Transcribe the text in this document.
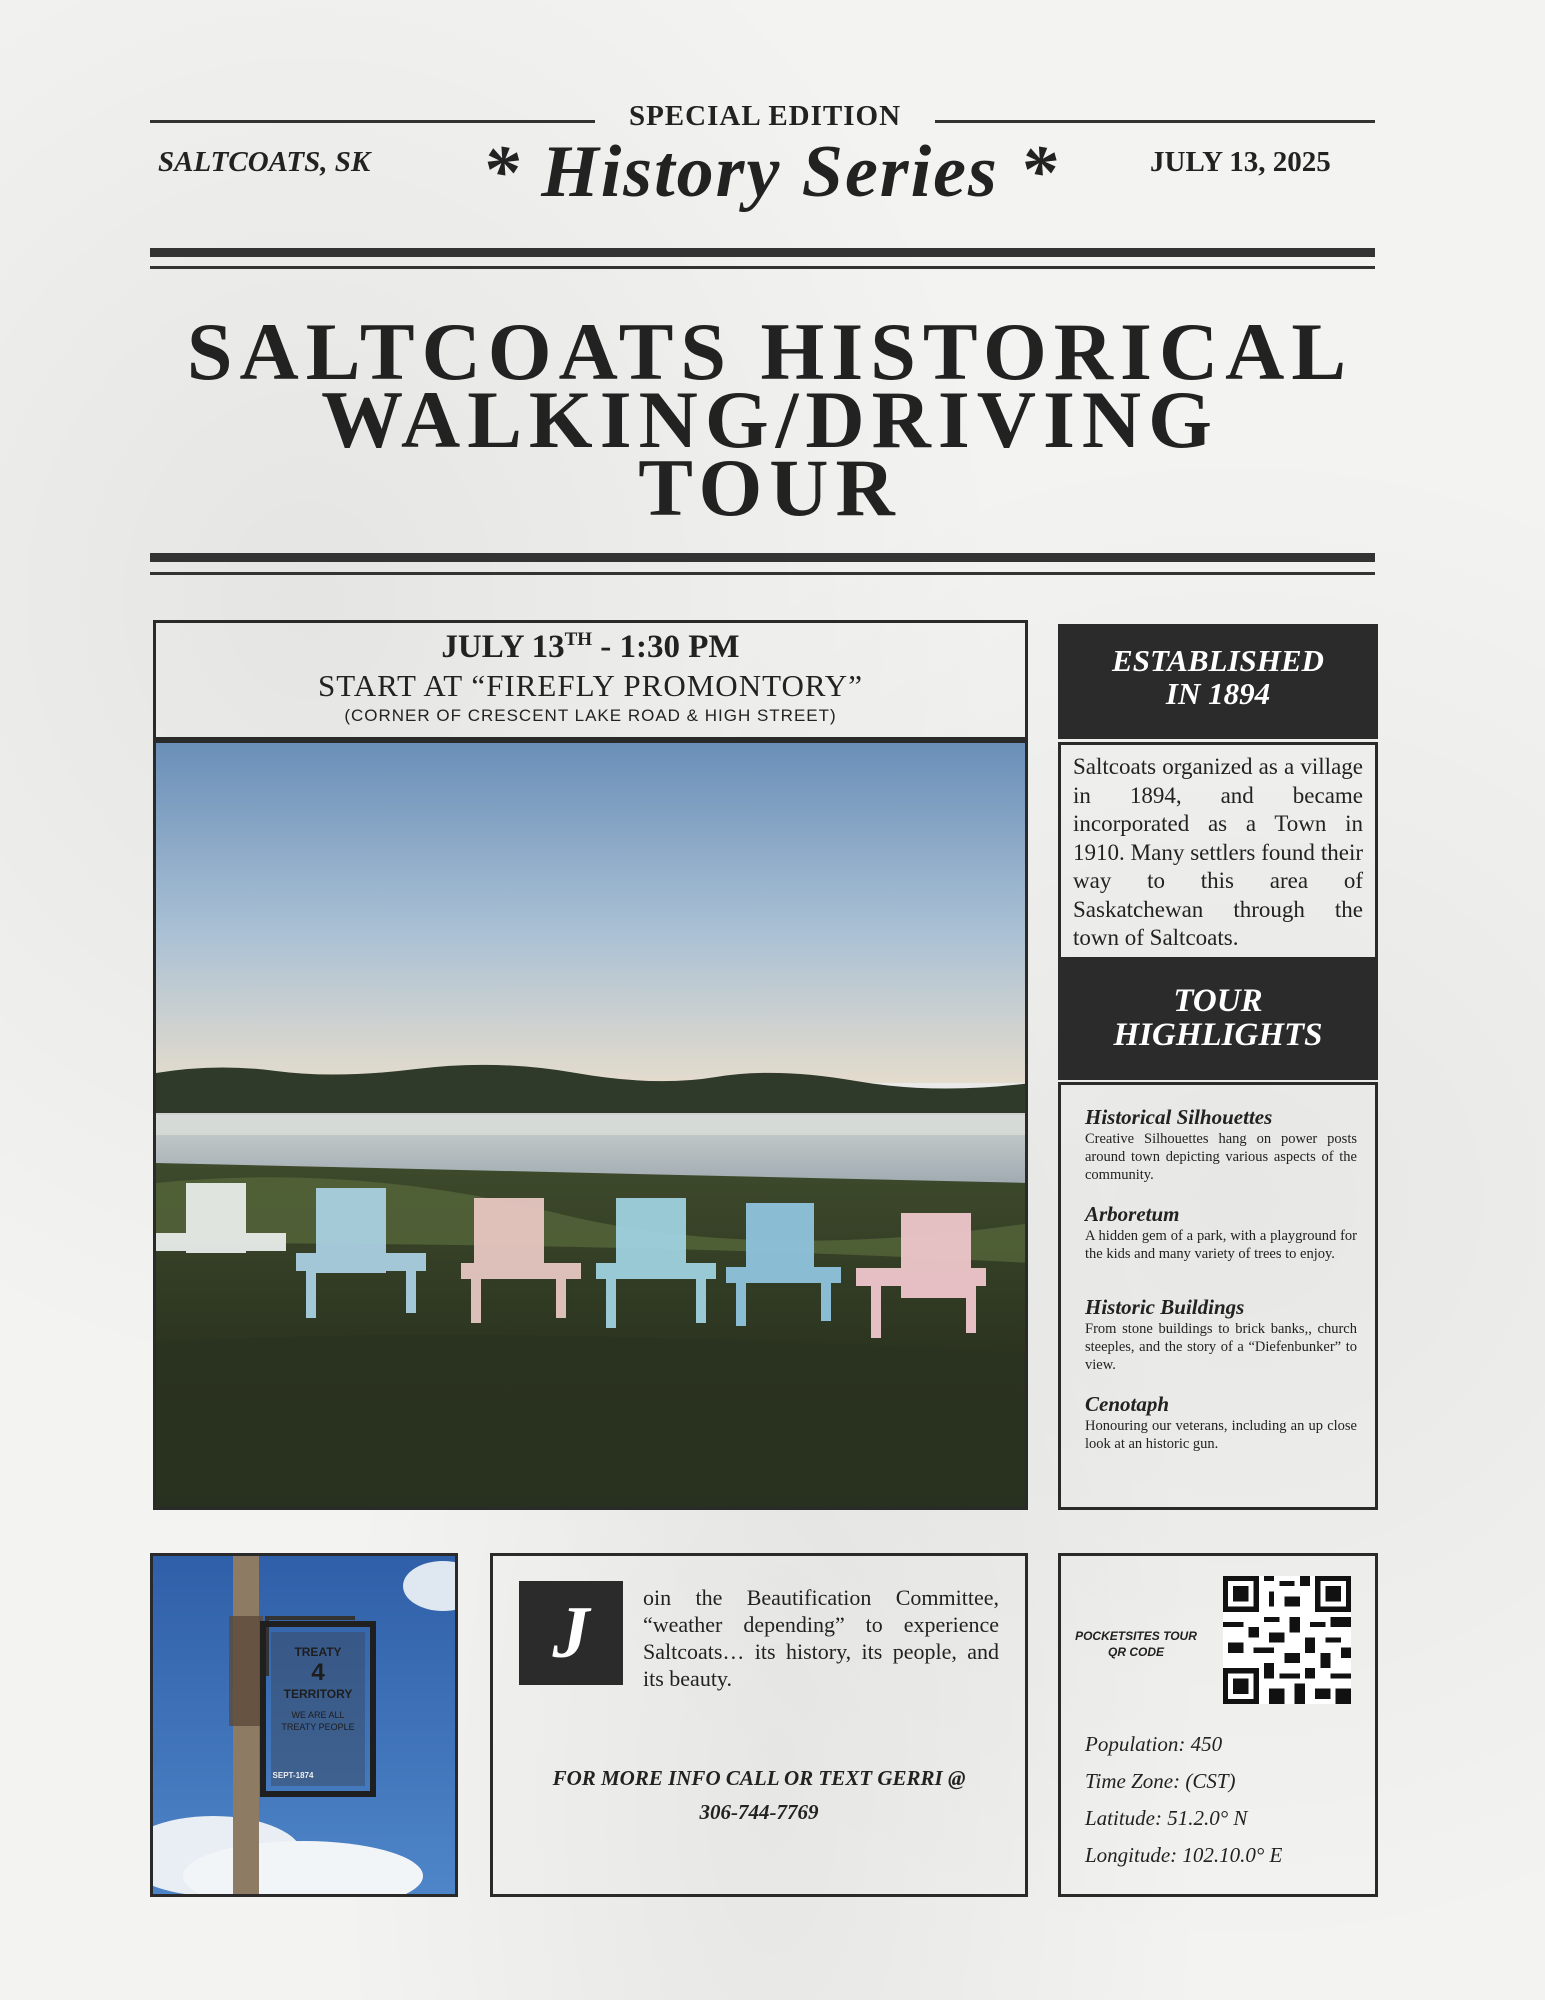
SPECIAL EDITION
SALTCOATS, SK	* History Series *	JULY 13, 2025
SALTCOATS HISTORICAL
WALKING/DRIVING
TOUR
JULY 13TH - 1:30 PM
START AT “FIREFLY PROMONTORY”
(CORNER OF CRESCENT LAKE ROAD & HIGH STREET)
ESTABLISHED
IN 1894
Saltcoats organized as a village in 1894, and became incorporated as a Town in 1910. Many settlers found their way to this area of Saskatchewan through the town of Saltcoats.
TOUR
HIGHLIGHTS

Historical Silhouettes

Creative Silhouettes hang on power posts around town depicting various aspects of the community.

Arboretum

A hidden gem of a park, with a playground for the kids and many variety of trees to enjoy.

Historic Buildings

From stone buildings to brick banks,, church steeples, and the story of a “Diefenbunker” to view.

Cenotaph

Honouring our veterans, including an up close look at an historic gun.

TREATY
4
TERRITORY
WE ARE ALL
TREATY PEOPLE
SEPT-1874
J	oin the Beautification Committee, “weather depending” to experience Saltcoats… its history, its people, and its beauty.
FOR MORE INFO CALL OR TEXT GERRI @
306-744-7769
POCKETSITES TOUR
QR CODE
Population: 450
Time Zone: (CST)
Latitude: 51.2.0° N
Longitude: 102.10.0° E
